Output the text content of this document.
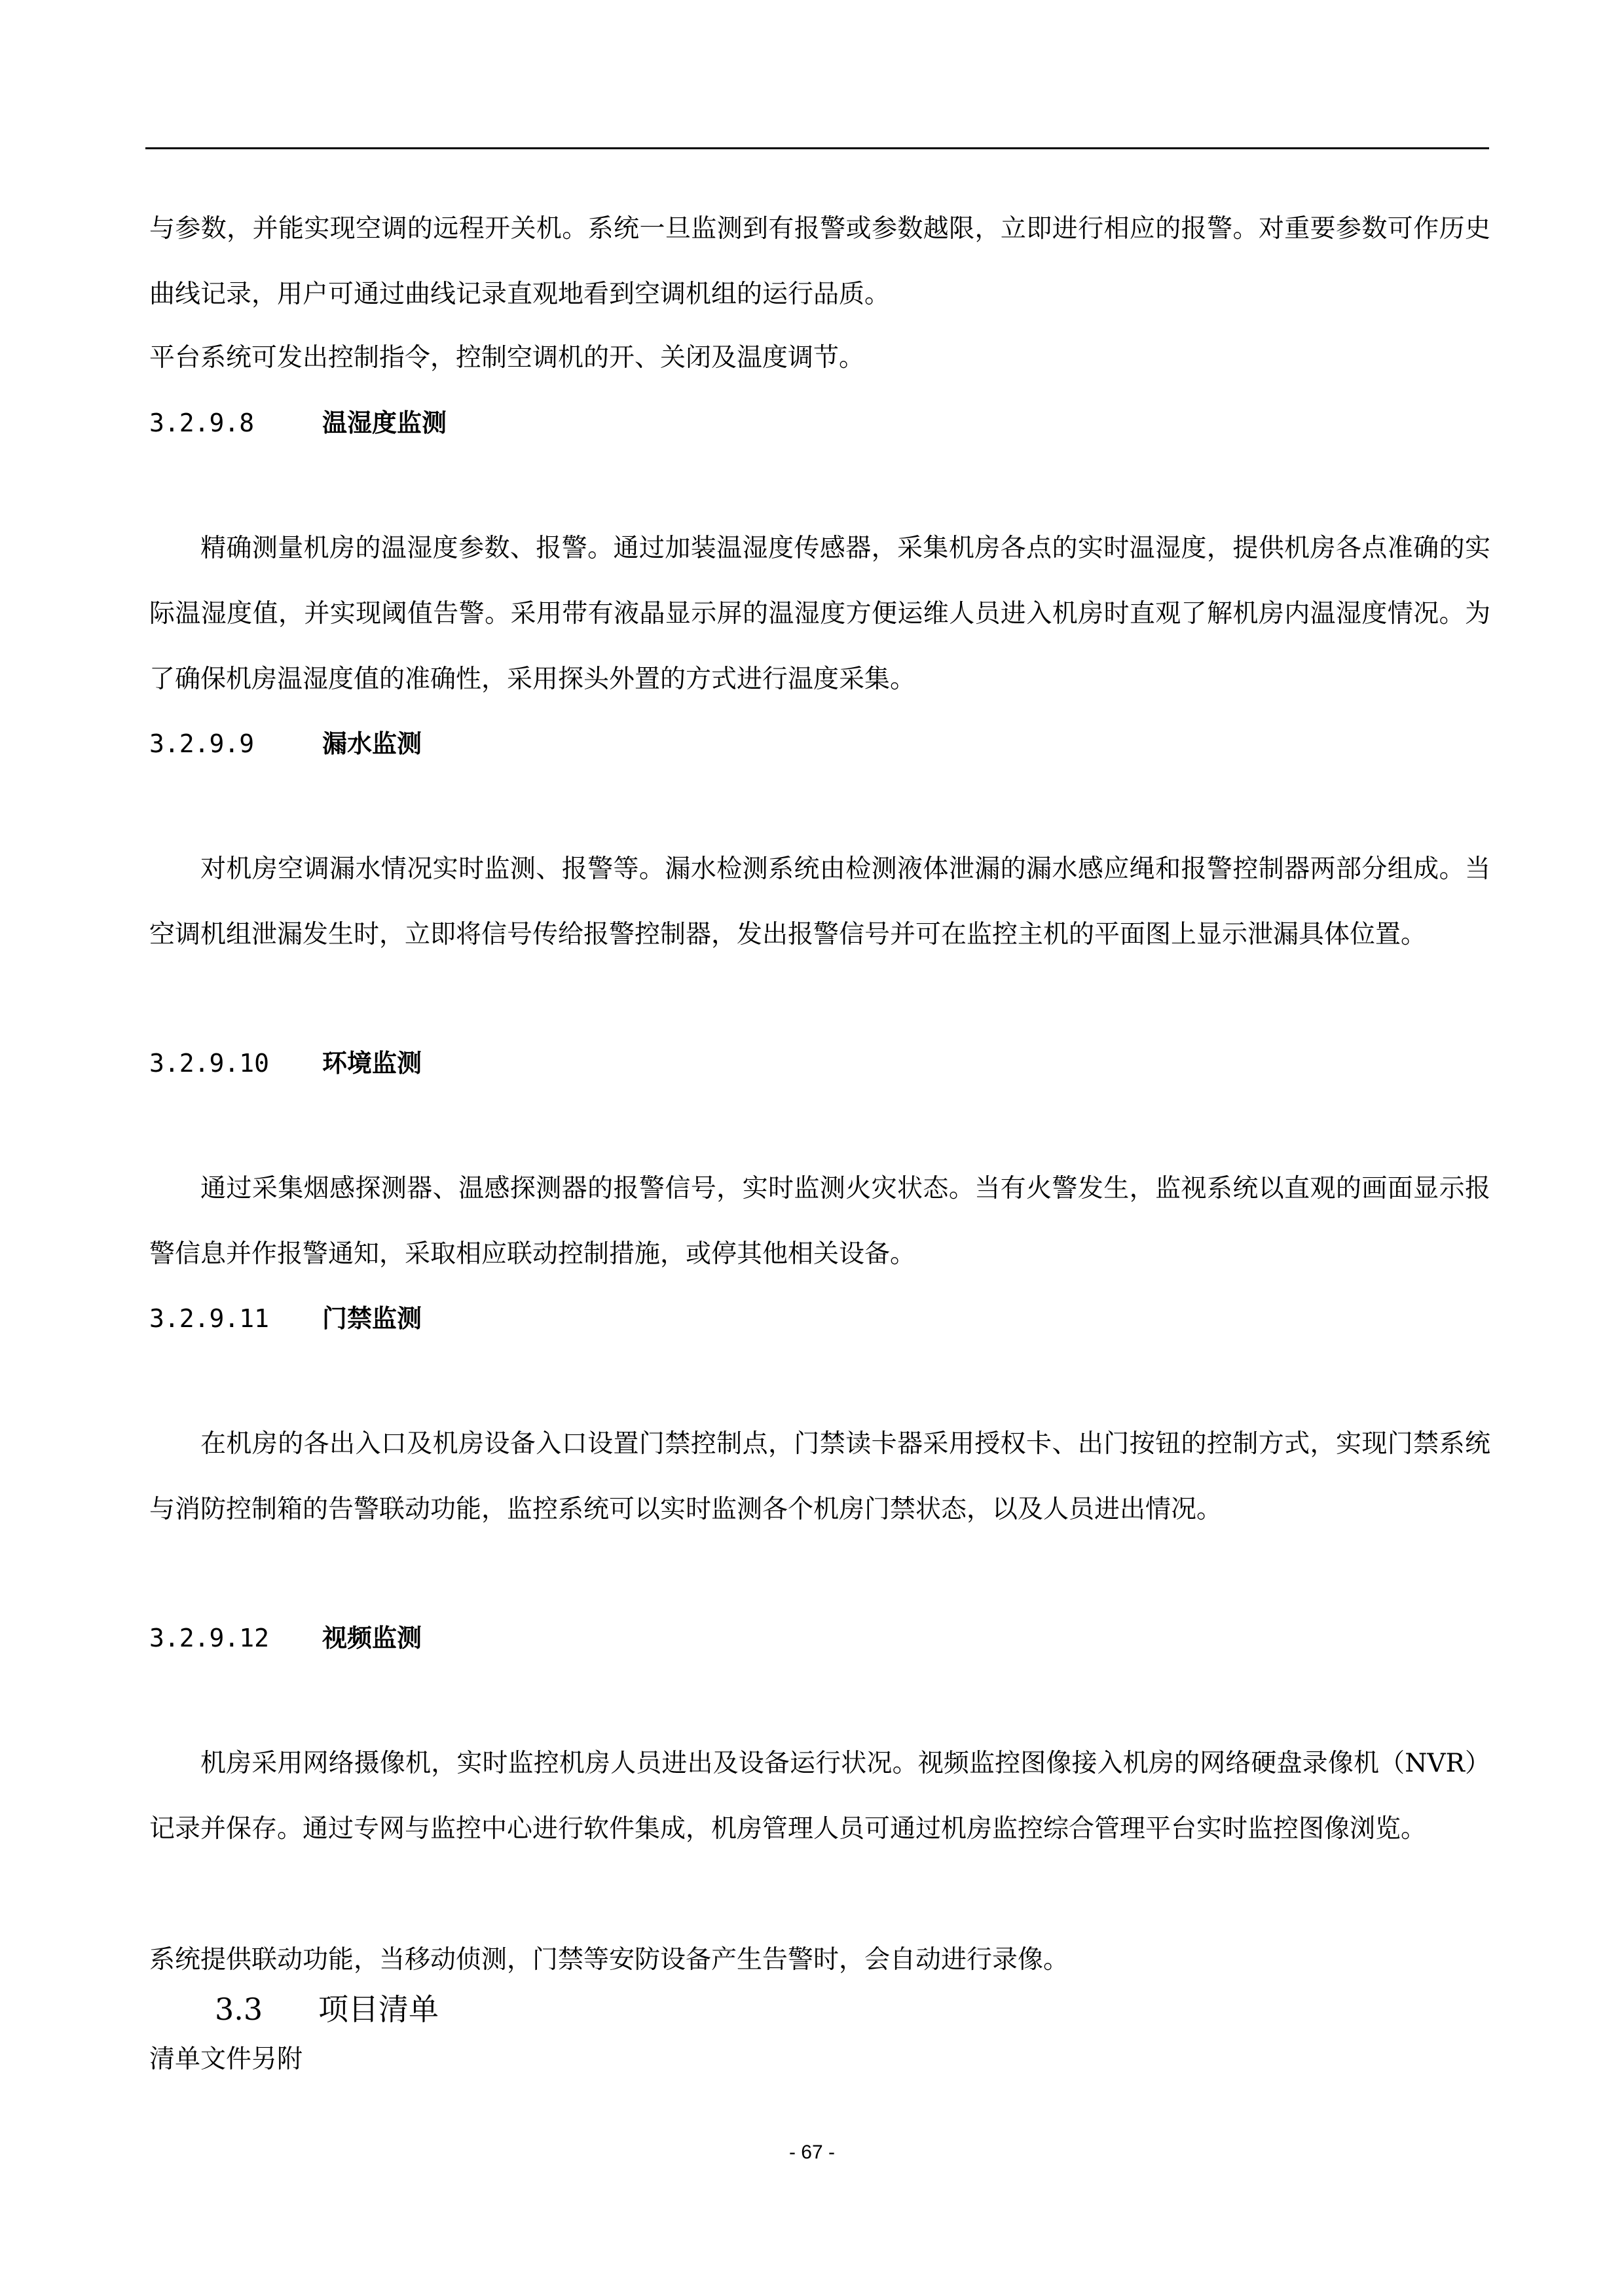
与参数，并能实现空调的远程开关机。系统一旦监测到有报警或参数越限，立即进行相应的报警。对重要参数可作历史曲线记录，用户可通过曲线记录直观地看到空调机组的运行品质。
平台系统可发出控制指令，控制空调机的开、关闭及温度调节。
3.2.9.8	温湿度监测
精确测量机房的温湿度参数、报警。通过加装温湿度传感器，采集机房各点的实时温湿度，提供机房各点准确的实际温湿度值，并实现阈值告警。采用带有液晶显示屏的温湿度方便运维人员进入机房时直观了解机房内温湿度情况。为了确保机房温湿度值的准确性，采用探头外置的方式进行温度采集。
3.2.9.9	漏水监测
对机房空调漏水情况实时监测、报警等。漏水检测系统由检测液体泄漏的漏水感应绳和报警控制器两部分组成。当空调机组泄漏发生时，立即将信号传给报警控制器，发出报警信号并可在监控主机的平面图上显示泄漏具体位置。
3.2.9.10 环境监测
通过采集烟感探测器、温感探测器的报警信号，实时监测火灾状态。当有火警发生，监视系统以直观的画面显示报警信息并作报警通知，采取相应联动控制措施，或停其他相关设备。
3.2.9.11 门禁监测
在机房的各出入口及机房设备入口设置门禁控制点，门禁读卡器采用授权卡、出门按钮的控制方式，实现门禁系统与消防控制箱的告警联动功能，监控系统可以实时监测各个机房门禁状态，以及人员进出情况。
3.2.9.12 视频监测
机房采用网络摄像机，实时监控机房人员进出及设备运行状况。视频监控图像接入机房的网络硬盘录像机（NVR）记录并保存。通过专网与监控中心进行软件集成，机房管理人员可通过机房监控综合管理平台实时监控图像浏览。
系统提供联动功能，当移动侦测，门禁等安防设备产生告警时，会自动进行录像。
3.3 项目清单
清单文件另附
- 67 -
